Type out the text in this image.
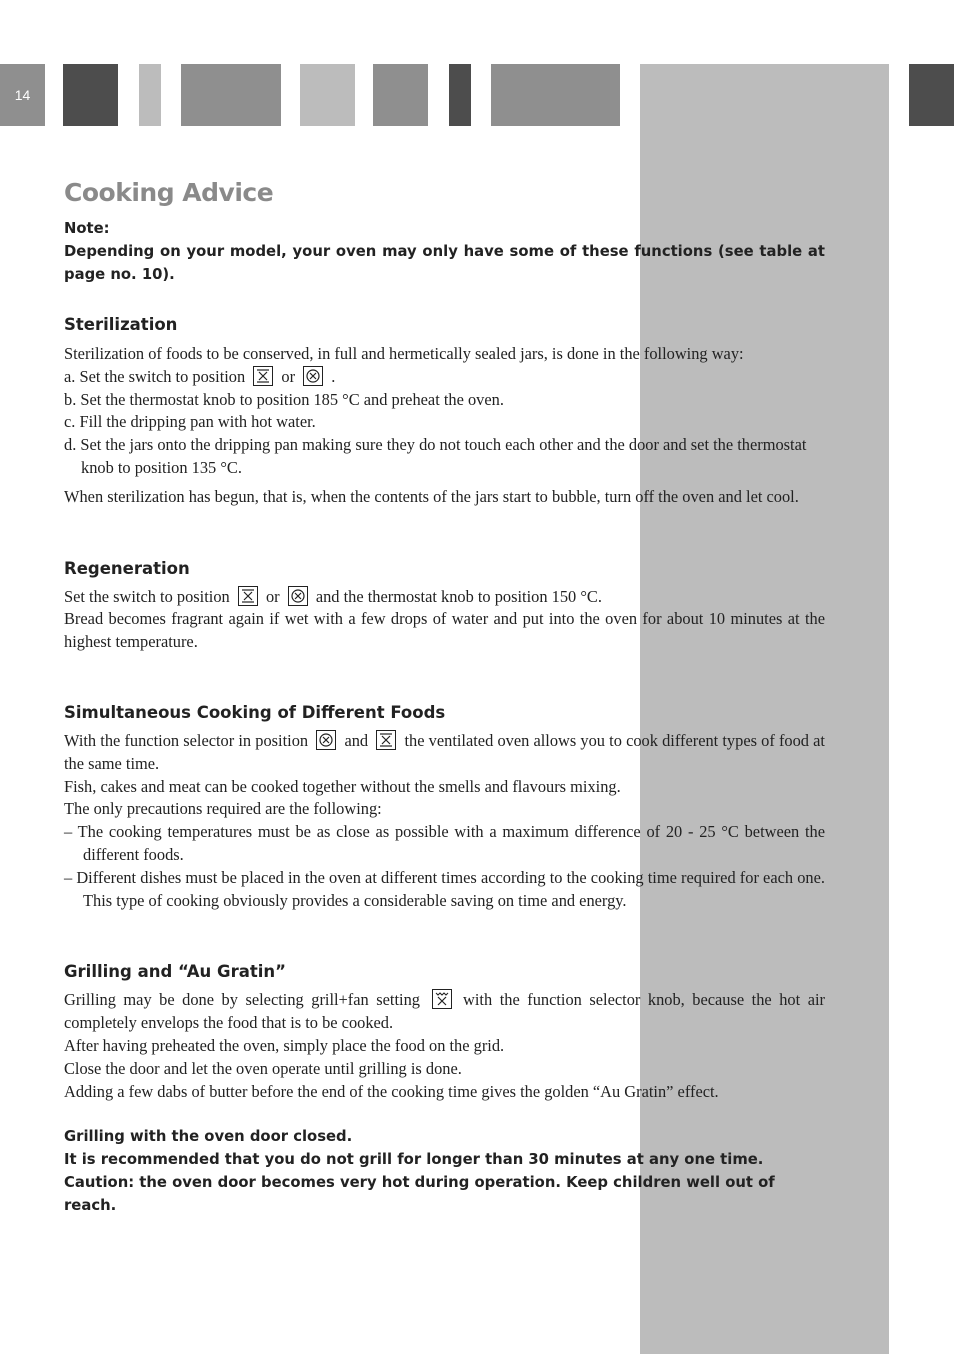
14
Cooking Advice

Note:

Depending on your model, your oven may only have some of these functions (see table at page no. 10).

Sterilization

Sterilization of foods to be conserved, in full and hermetically sealed jars, is done in the following way:

a. Set the switch to position or .

b. Set the thermostat knob to position 185 °C and preheat the oven.

c. Fill the dripping pan with hot water.

d. Set the jars onto the dripping pan making sure they do not touch each other and the door and set the thermostat knob to position 135 °C.

When sterilization has begun, that is, when the contents of the jars start to bubble, turn off the oven and let cool.

Regeneration

Set the switch to position or and the thermostat knob to position 150 °C.

Bread becomes fragrant again if wet with a few drops of water and put into the oven for about 10 minutes at the highest temperature.

Simultaneous Cooking of Different Foods

With the function selector in position and the ventilated oven allows you to cook different types of food at the same time.

Fish, cakes and meat can be cooked together without the smells and flavours mixing.

The only precautions required are the following:

– The cooking temperatures must be as close as possible with a maximum difference of 20 - 25 °C between the different foods.

– Different dishes must be placed in the oven at different times according to the cooking time required for each one. This type of cooking obviously provides a considerable saving on time and energy.

Grilling and “Au Gratin”

Grilling may be done by selecting grill+fan setting	with the function selector knob, because the hot air completely envelops the food that is to be cooked.

After having preheated the oven, simply place the food on the grid.

Close the door and let the oven operate until grilling is done.

Adding a few dabs of butter before the end of the cooking time gives the golden “Au Gratin” effect.

Grilling with the oven door closed.

It is recommended that you do not grill for longer than 30 minutes at any one time.

Caution: the oven door becomes very hot during operation. Keep children well out of reach.
